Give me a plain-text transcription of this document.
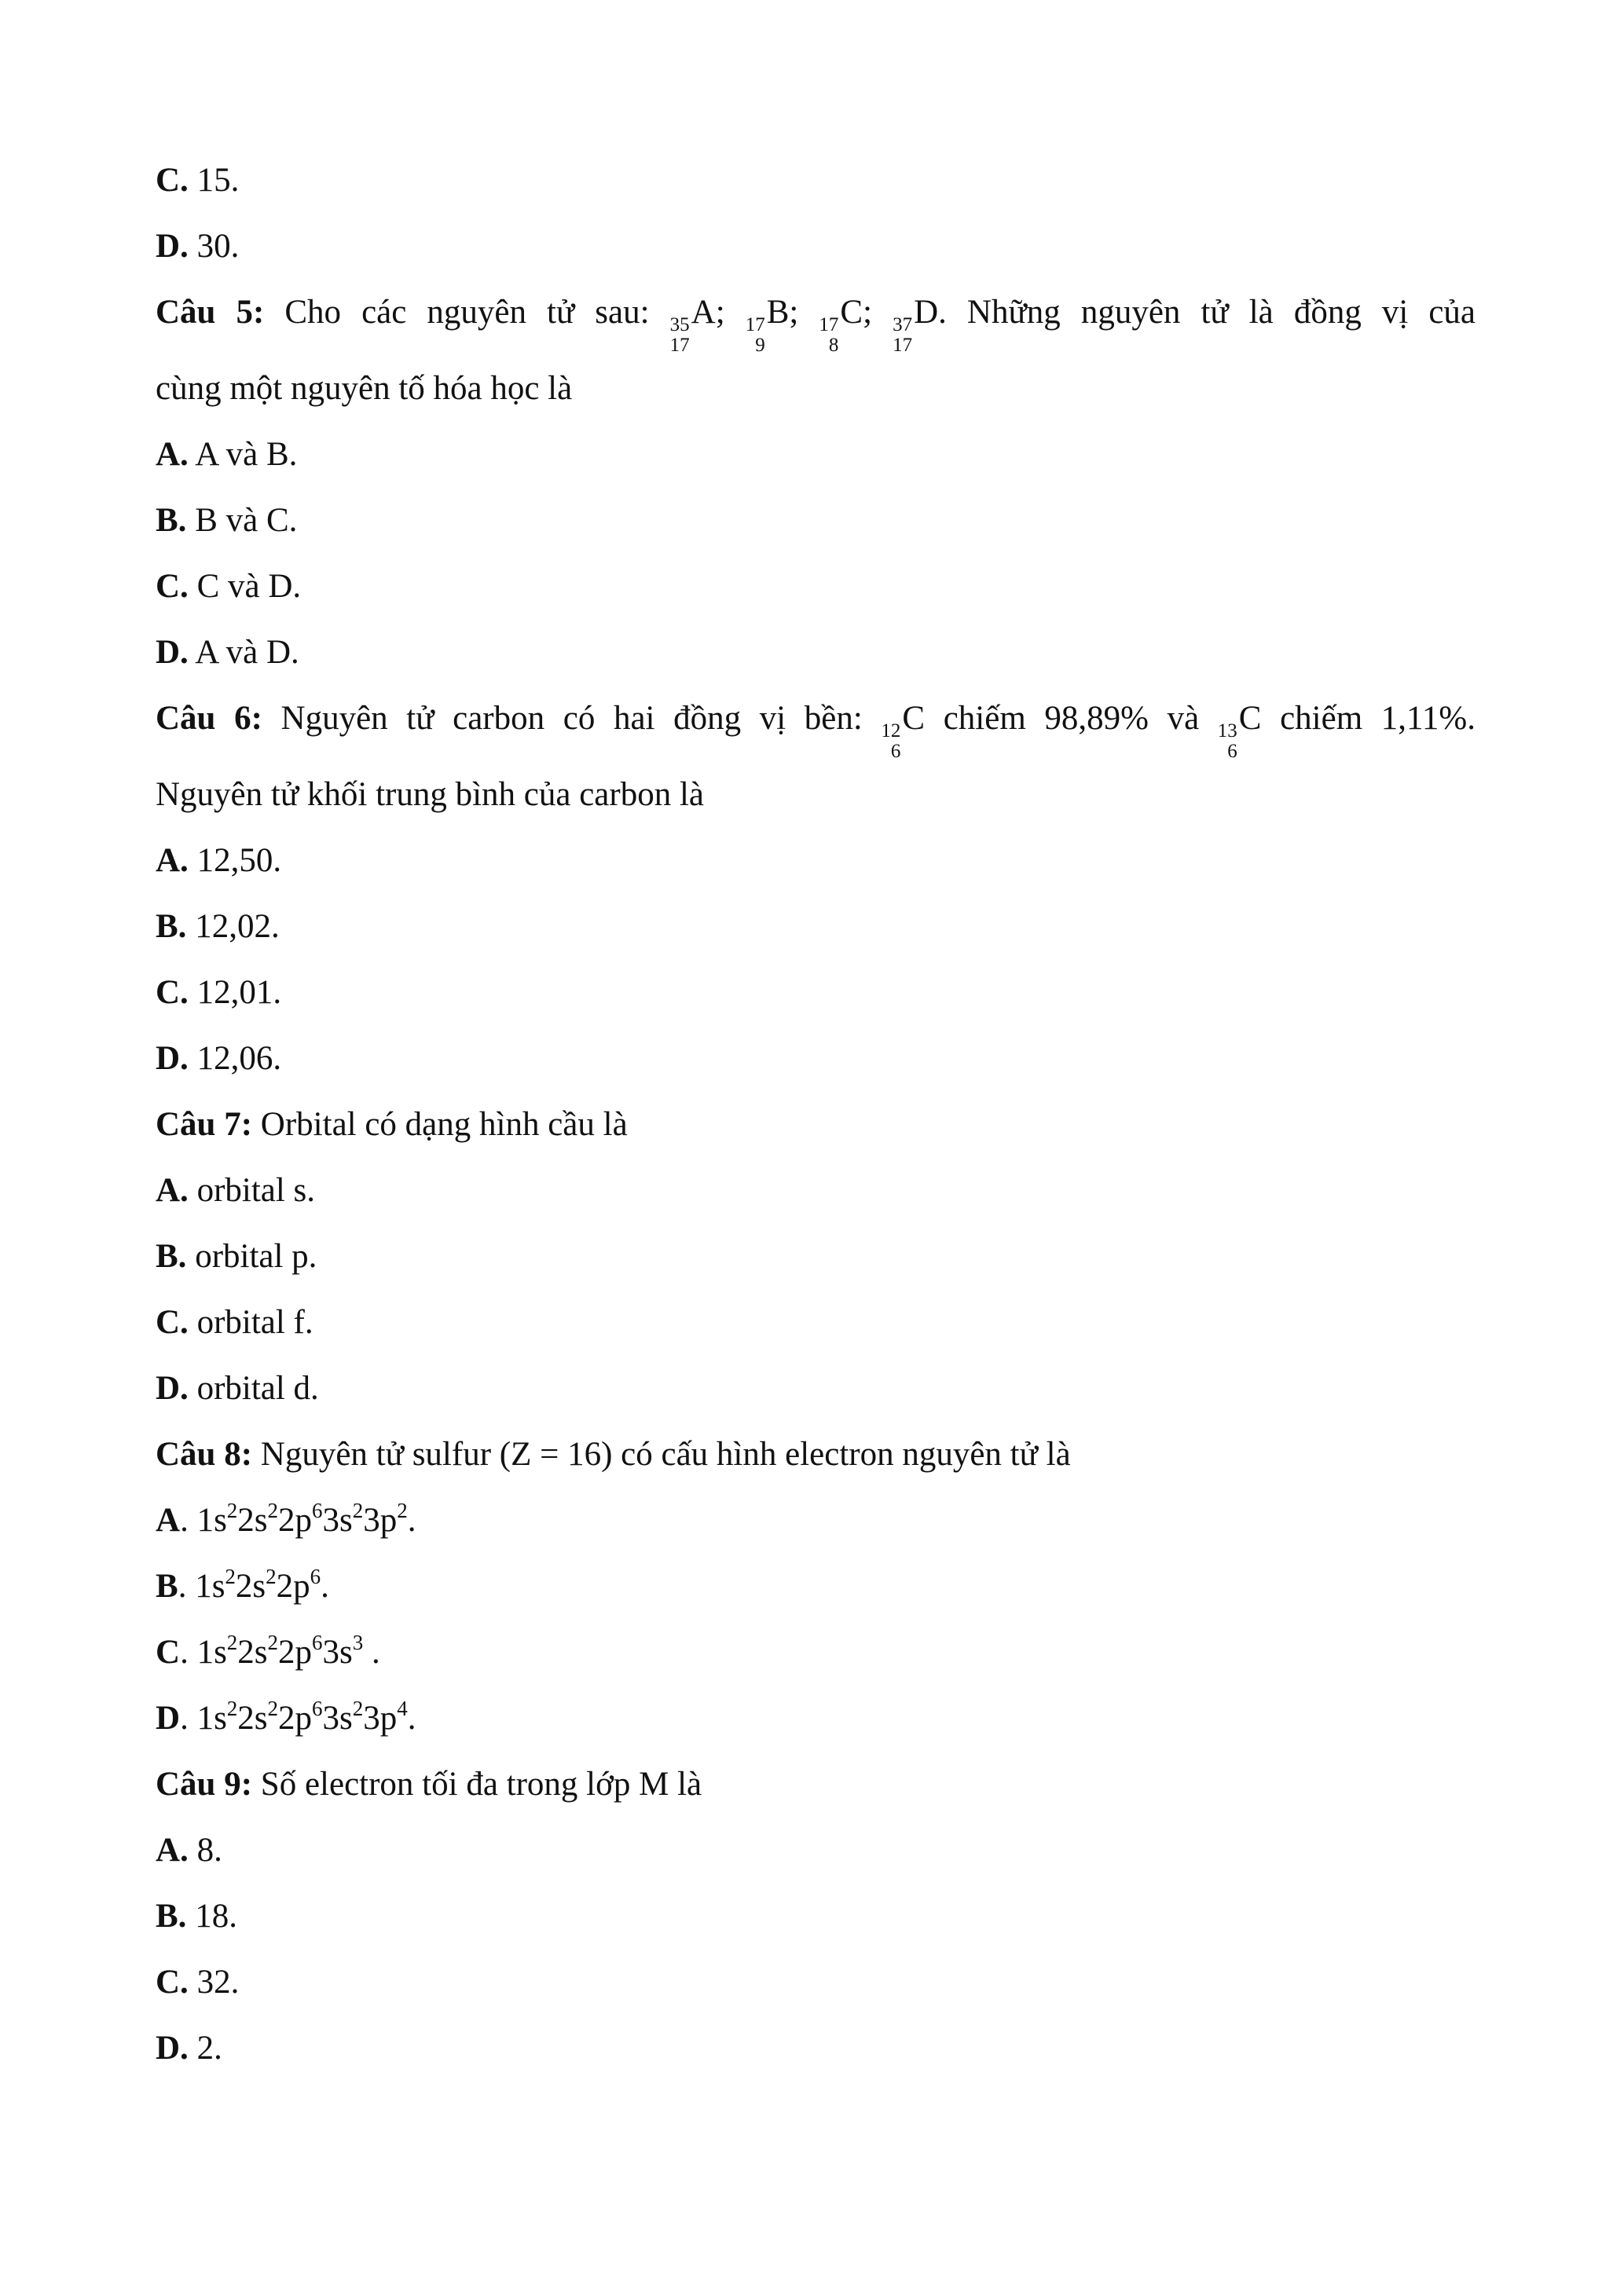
C. 15.
D. 30.
Câu 5: Cho các nguyên tử sau: 35
17
A; 17
9
B; 17
8
C; 37
17
D. Những nguyên tử là đồng vị của
cùng một nguyên tố hóa học là
A. A và B.
B. B và C.
C. C và D.
D. A và D.
Câu 6: Nguyên tử carbon có hai đồng vị bền: 12
6
C chiếm 98,89% và 13
6
C chiếm 1,11%.
Nguyên tử khối trung bình của carbon là
A. 12,50.
B. 12,02.
C. 12,01.
D. 12,06.
Câu 7: Orbital có dạng hình cầu là
A. orbital s.
B. orbital p.
C. orbital f.
D. orbital d.
Câu 8: Nguyên tử sulfur (Z = 16) có cấu hình electron nguyên tử là
A. $1s^22s^22p^63s^23p^2$.
B. $1s^22s^22p^6$.
C. $1s^22s^22p^63s^3$ .
D. $1s^22s^22p^63s^23p^4$.
Câu 9: Số electron tối đa trong lớp M là
A. 8.
B. 18.
C. 32.
D. 2.
